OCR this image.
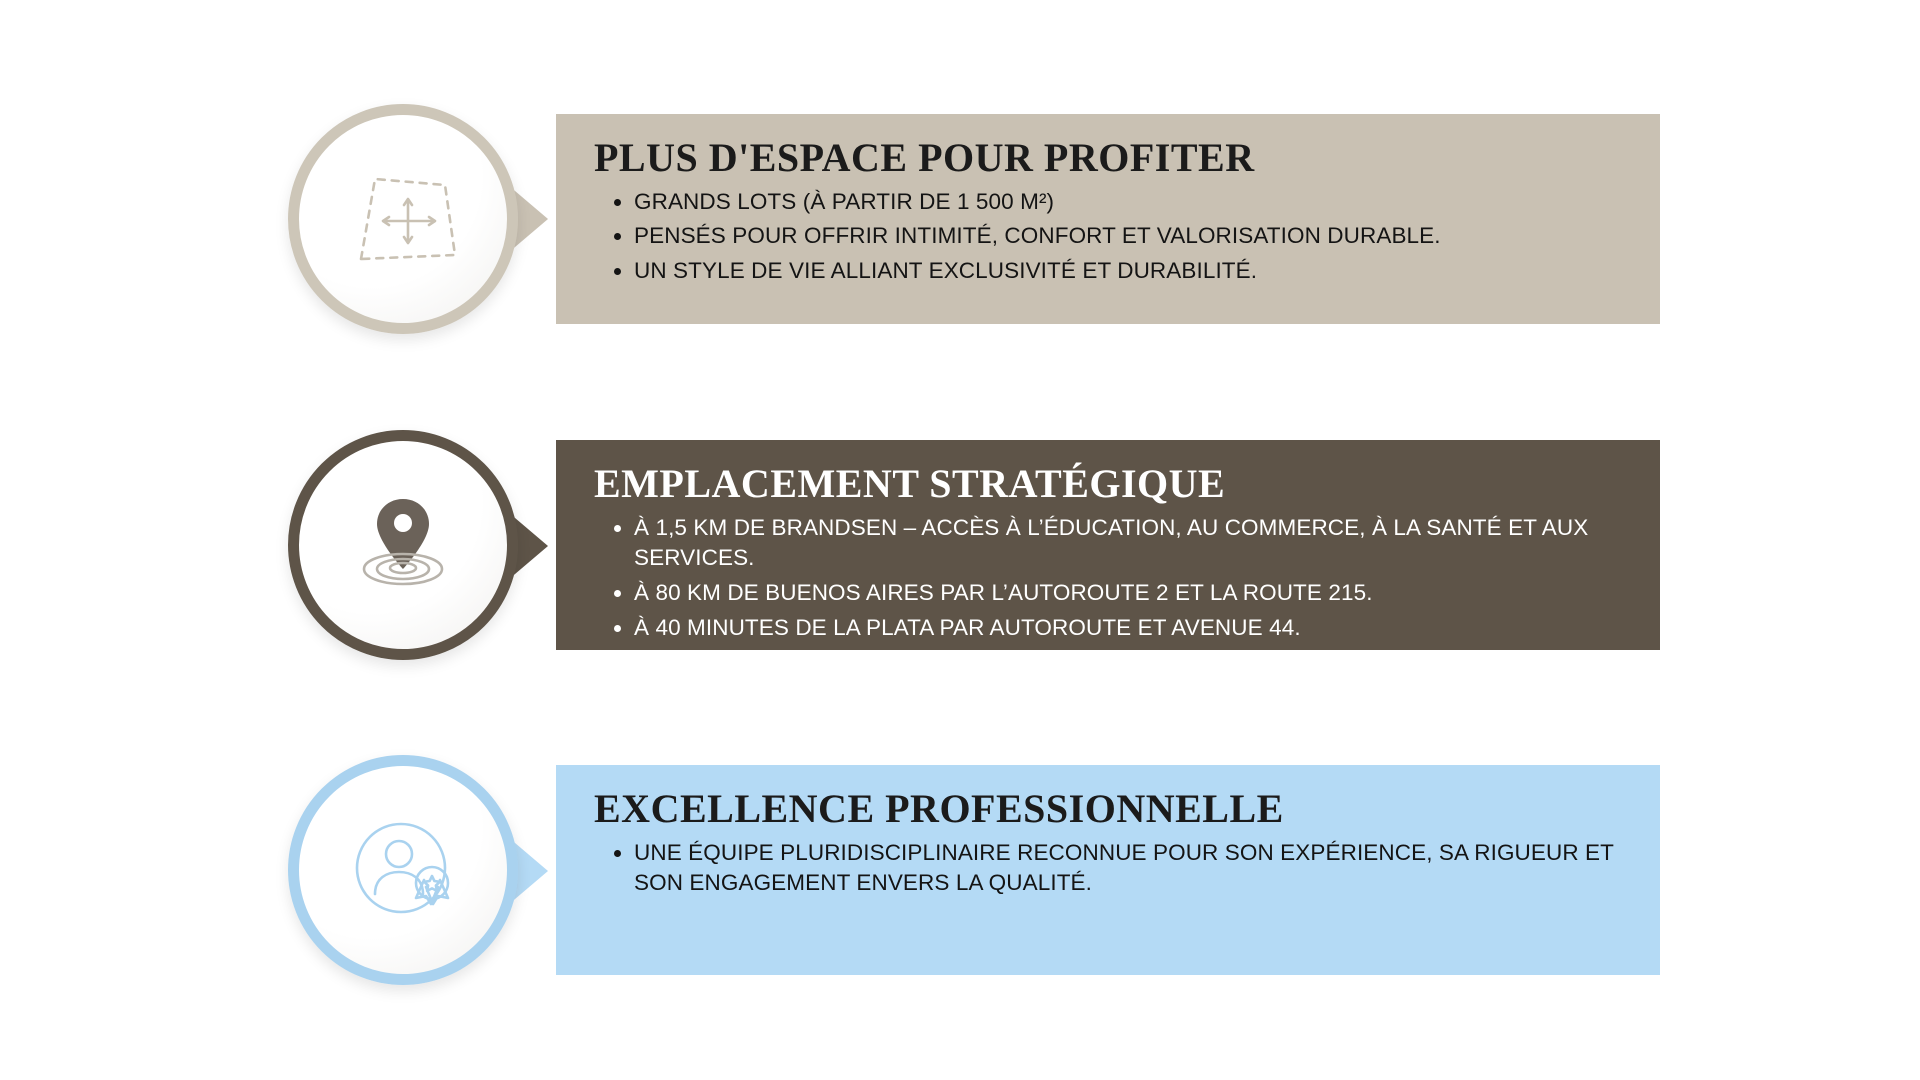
PLUS D'ESPACE POUR PROFITER
• GRANDS LOTS (À PARTIR DE 1 500 M²)
• PENSÉS POUR OFFRIR INTIMITÉ, CONFORT ET VALORISATION DURABLE.
• UN STYLE DE VIE ALLIANT EXCLUSIVITÉ ET DURABILITÉ.
EMPLACEMENT STRATÉGIQUE
• À 1,5 KM DE BRANDSEN – ACCÈS À L’ÉDUCATION, AU COMMERCE, À LA SANTÉ ET AUX SERVICES.
• À 80 KM DE BUENOS AIRES PAR L’AUTOROUTE 2 ET LA ROUTE 215.
• À 40 MINUTES DE LA PLATA PAR AUTOROUTE ET AVENUE 44.
EXCELLENCE PROFESSIONNELLE
• UNE ÉQUIPE PLURIDISCIPLINAIRE RECONNUE POUR SON EXPÉRIENCE, SA RIGUEUR ET SON ENGAGEMENT ENVERS LA QUALITÉ.
